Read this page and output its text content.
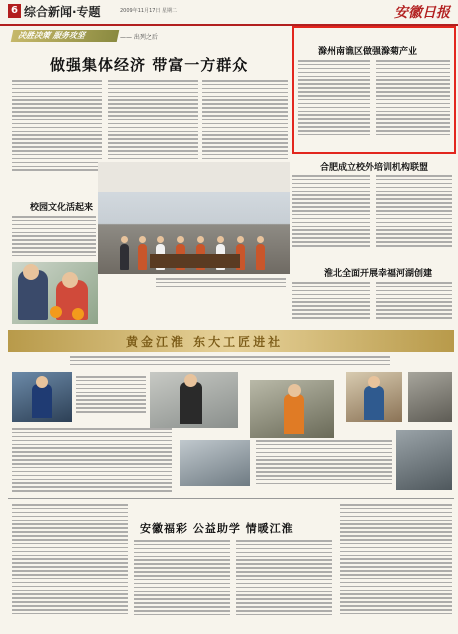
6 综合新闻·专题	2009年11月17日 星期二	安徽日报
决胜决策 服务攻坚	—— 出列之后
做强集体经济 带富一方群众
滁州南谯区做强滁菊产业
校园文化活起来
合肥成立校外培训机构联盟
淮北全面开展幸福河湖创建
黄金江淮 东大工匠进社
安徽福彩 公益助学 情暖江淮
